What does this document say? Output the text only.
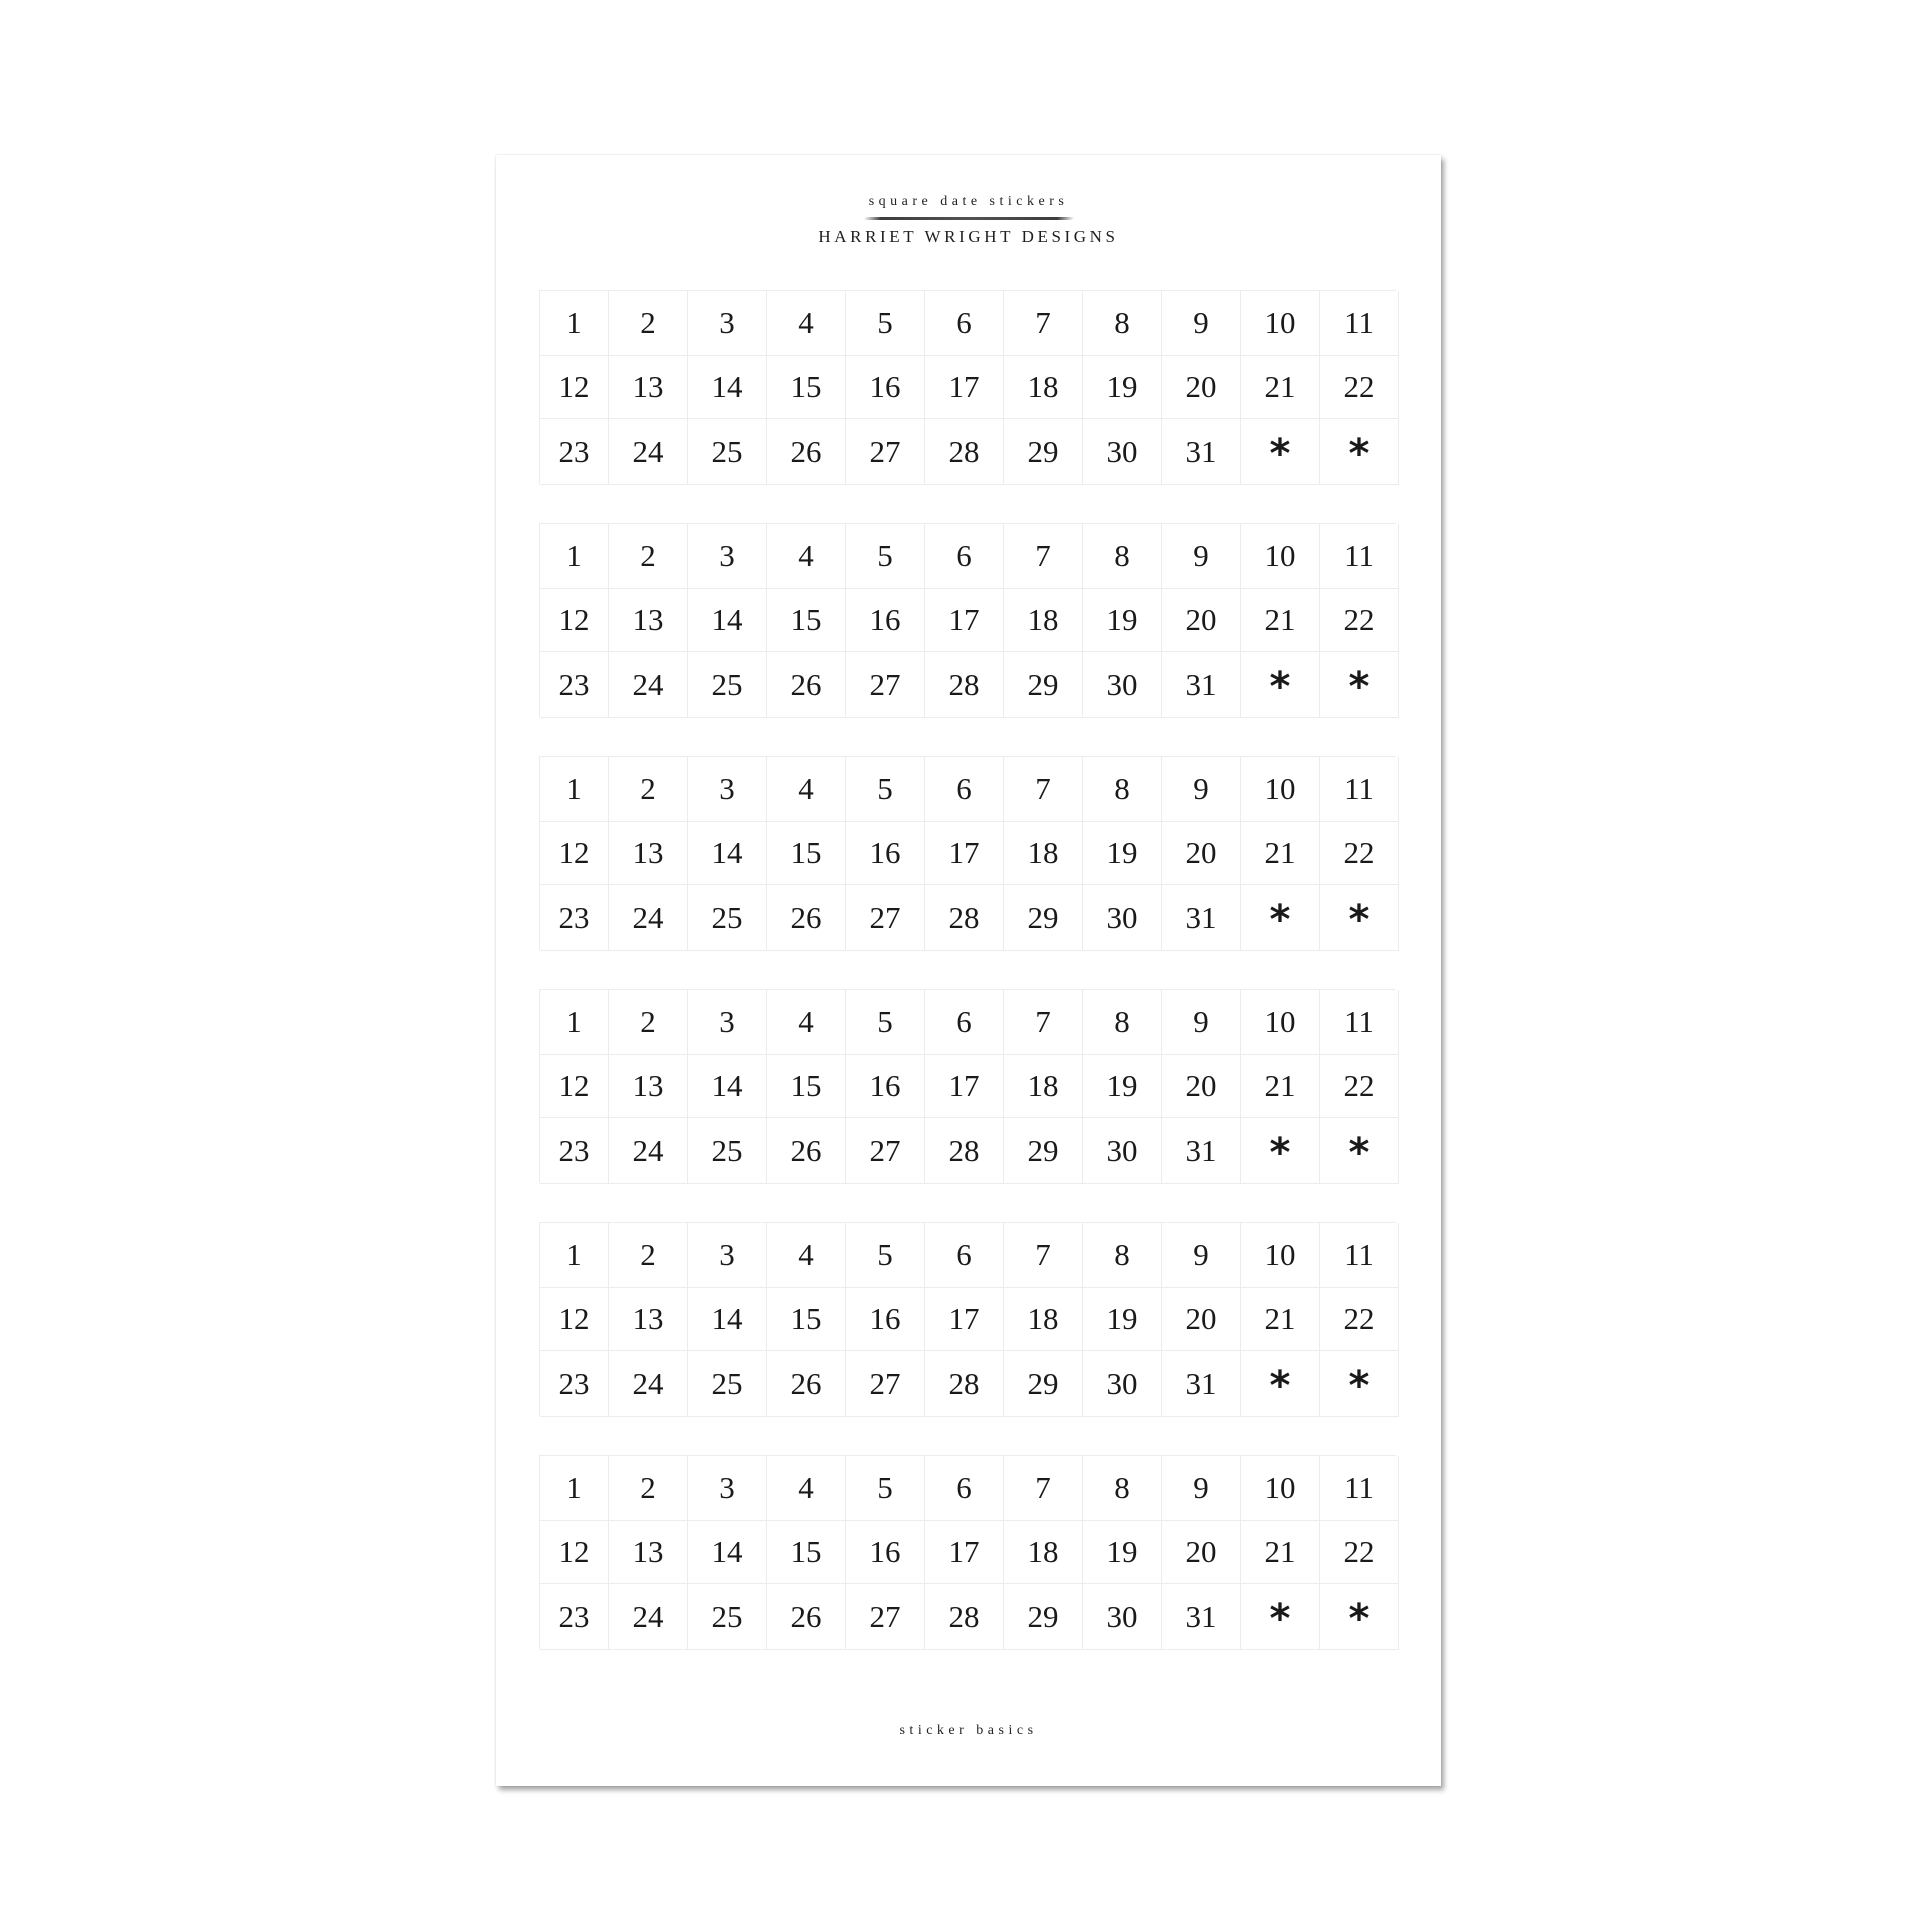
square date stickers
HARRIET WRIGHT DESIGNS
1	2	3	4	5	6	7	8	9	10	11
12	13	14	15	16	17	18	19	20	21	22
23	24	25	26	27	28	29	30	31	*	*
1	2	3	4	5	6	7	8	9	10	11
12	13	14	15	16	17	18	19	20	21	22
23	24	25	26	27	28	29	30	31	*	*
1	2	3	4	5	6	7	8	9	10	11
12	13	14	15	16	17	18	19	20	21	22
23	24	25	26	27	28	29	30	31	*	*
1	2	3	4	5	6	7	8	9	10	11
12	13	14	15	16	17	18	19	20	21	22
23	24	25	26	27	28	29	30	31	*	*
1	2	3	4	5	6	7	8	9	10	11
12	13	14	15	16	17	18	19	20	21	22
23	24	25	26	27	28	29	30	31	*	*
1	2	3	4	5	6	7	8	9	10	11
12	13	14	15	16	17	18	19	20	21	22
23	24	25	26	27	28	29	30	31	*	*
sticker basics
